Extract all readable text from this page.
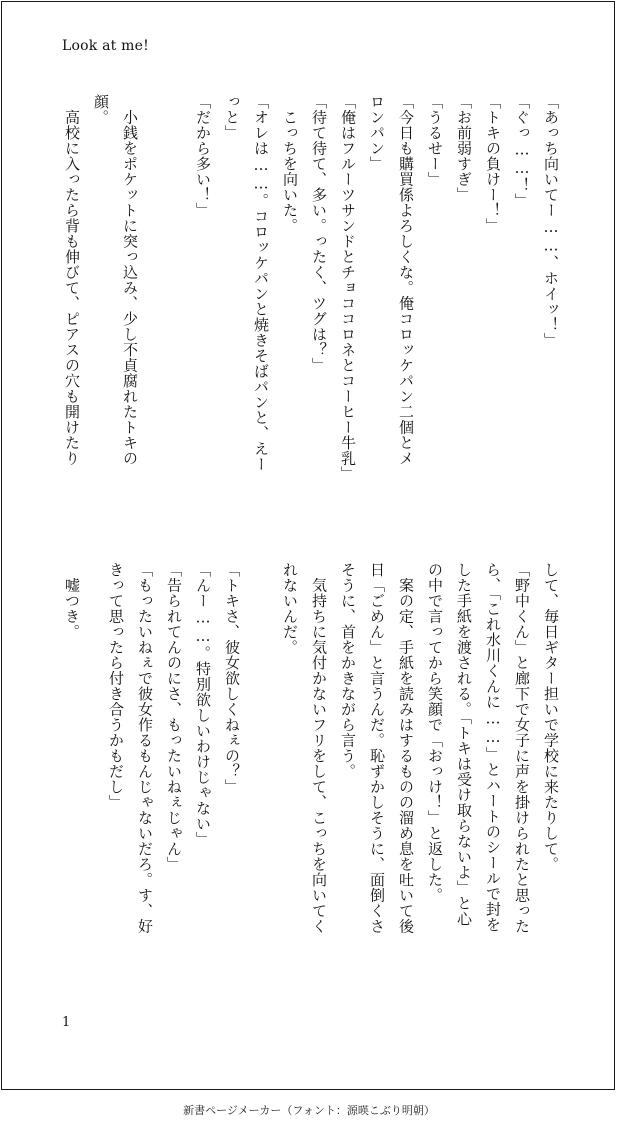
Look at me!
「あっち向いてー……、ホイッ！」
「ぐっ……！」
「トキの負けー！」
「お前弱すぎ」
「うるせー」
「今日も購買係よろしくな。俺コロッケパン二個とメ
ロンパン」
「俺はフルーツサンドとチョココロネとコーヒー牛乳」
「待て待て、多い。ったく、ツグは？」
　こっちを向いた。
「オレは……。コロッケパンと焼きそばパンと、えー
っと」
「だから多い！」
　小銭をポケットに突っ込み、少し不貞腐れたトキの
顔。
　高校に入ったら背も伸びて、ピアスの穴も開けたり
して、毎日ギター担いで学校に来たりして。
「野中くん」と廊下で女子に声を掛けられたと思った
ら、「これ水川くんに……」とハートのシールで封を
した手紙を渡される。「トキは受け取らないよ」と心
の中で言ってから笑顔で「おっけ！」と返した。
　案の定、手紙を読みはするものの溜め息を吐いて後
日「ごめん」と言うんだ。恥ずかしそうに、面倒くさ
そうに、首をかきながら言う。
　気持ちに気付かないフリをして、こっちを向いてく
れないんだ。
「トキさ、彼女欲しくねぇの？」
「んー……。特別欲しいわけじゃない」
「告られてんのにさ、もったいねぇじゃん」
「もったいねぇで彼女作るもんじゃないだろ。す、好
きって思ったら付き合うかもだし」
　嘘つき。
1
新書ページメーカー（フォント：源暎こぶり明朝）
